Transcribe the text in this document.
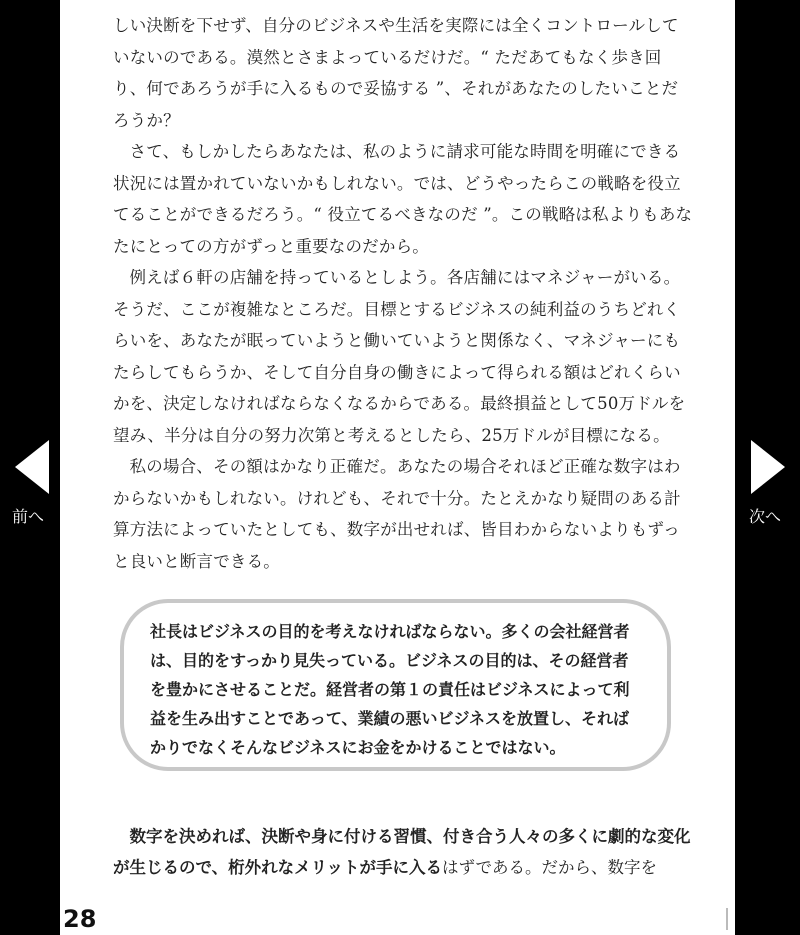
しい決断を下せず、自分のビジネスや生活を実際には全くコントロールしていないのである。漠然とさまよっているだけだ。“ ただあてもなく歩き回り、何であろうが手に入るもので妥協する ”、それがあなたのしたいことだろうか？

さて、もしかしたらあなたは、私のように請求可能な時間を明確にできる状況には置かれていないかもしれない。では、どうやったらこの戦略を役立てることができるだろう。“ 役立てるべきなのだ ”。この戦略は私よりもあなたにとっての方がずっと重要なのだから。

例えば６軒の店舗を持っているとしよう。各店舗にはマネジャーがいる。そうだ、ここが複雑なところだ。目標とするビジネスの純利益のうちどれくらいを、あなたが眠っていようと働いていようと関係なく、マネジャーにもたらしてもらうか、そして自分自身の働きによって得られる額はどれくらいかを、決定しなければならなくなるからである。最終損益として50万ドルを望み、半分は自分の努力次第と考えるとしたら、25万ドルが目標になる。

私の場合、その額はかなり正確だ。あなたの場合それほど正確な数字はわからないかもしれない。けれども、それで十分。たとえかなり疑問のある計算方法によっていたとしても、数字が出せれば、皆目わからないよりもずっと良いと断言できる。

社長はビジネスの目的を考えなければならない。多くの会社経営者は、目的をすっかり見失っている。ビジネスの目的は、その経営者を豊かにさせることだ。経営者の第１の責任はビジネスによって利益を生み出すことであって、業績の悪いビジネスを放置し、そればかりでなくそんなビジネスにお金をかけることではない。

数字を決めれば、決断や身に付ける習慣、付き合う人々の多くに劇的な変化が生じるので、桁外れなメリットが手に入るはずである。だから、数字を

28
前へ	次へ
